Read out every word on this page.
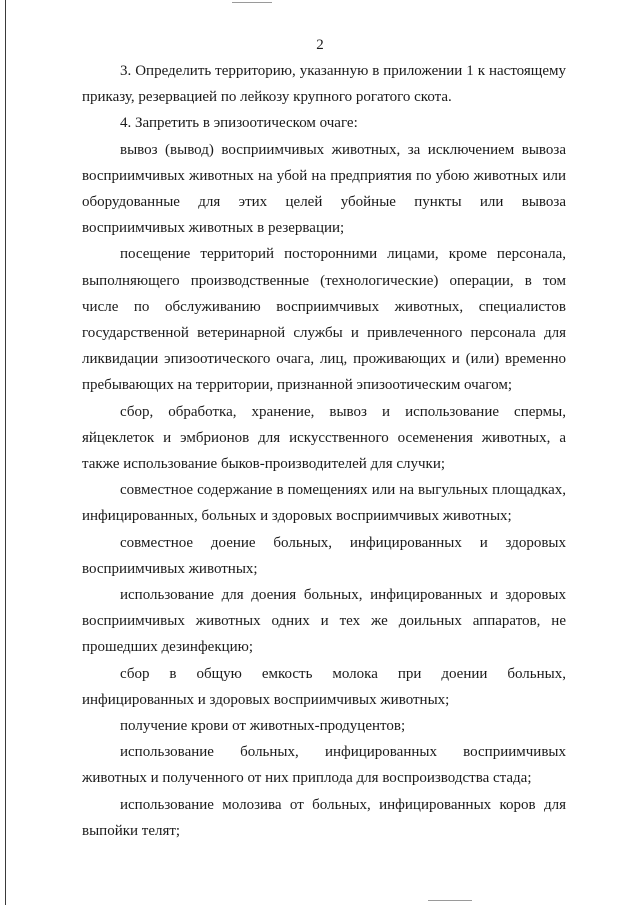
2

3. Определить территорию, указанную в приложении 1 к настоящему приказу, резервацией по лейкозу крупного рогатого скота.

4. Запретить в эпизоотическом очаге:

вывоз (вывод) восприимчивых животных, за исключением вывоза восприимчивых животных на убой на предприятия по убою животных или оборудованные для этих целей убойные пункты или вывоза восприимчивых животных в резервации;

посещение территорий посторонними лицами, кроме персонала, выполняющего производственные (технологические) операции, в том числе по обслуживанию восприимчивых животных, специалистов государственной ветеринарной службы и привлеченного персонала для ликвидации эпизоотического очага, лиц, проживающих и (или) временно пребывающих на территории, признанной эпизоотическим очагом;

сбор, обработка, хранение, вывоз и использование спермы, яйцеклеток и эмбрионов для искусственного осеменения животных, а также использование быков-производителей для случки;

совместное содержание в помещениях или на выгульных площадках, инфицированных, больных и здоровых восприимчивых животных;

совместное доение больных, инфицированных и здоровых восприимчивых животных;

использование для доения больных, инфицированных и здоровых восприимчивых животных одних и тех же доильных аппаратов, не прошедших дезинфекцию;

сбор в общую емкость молока при доении больных, инфицированных и здоровых восприимчивых животных;

получение крови от животных-продуцентов;

использование больных, инфицированных восприимчивых животных и полученного от них приплода для воспроизводства стада;

использование молозива от больных, инфицированных коров для выпойки телят;
